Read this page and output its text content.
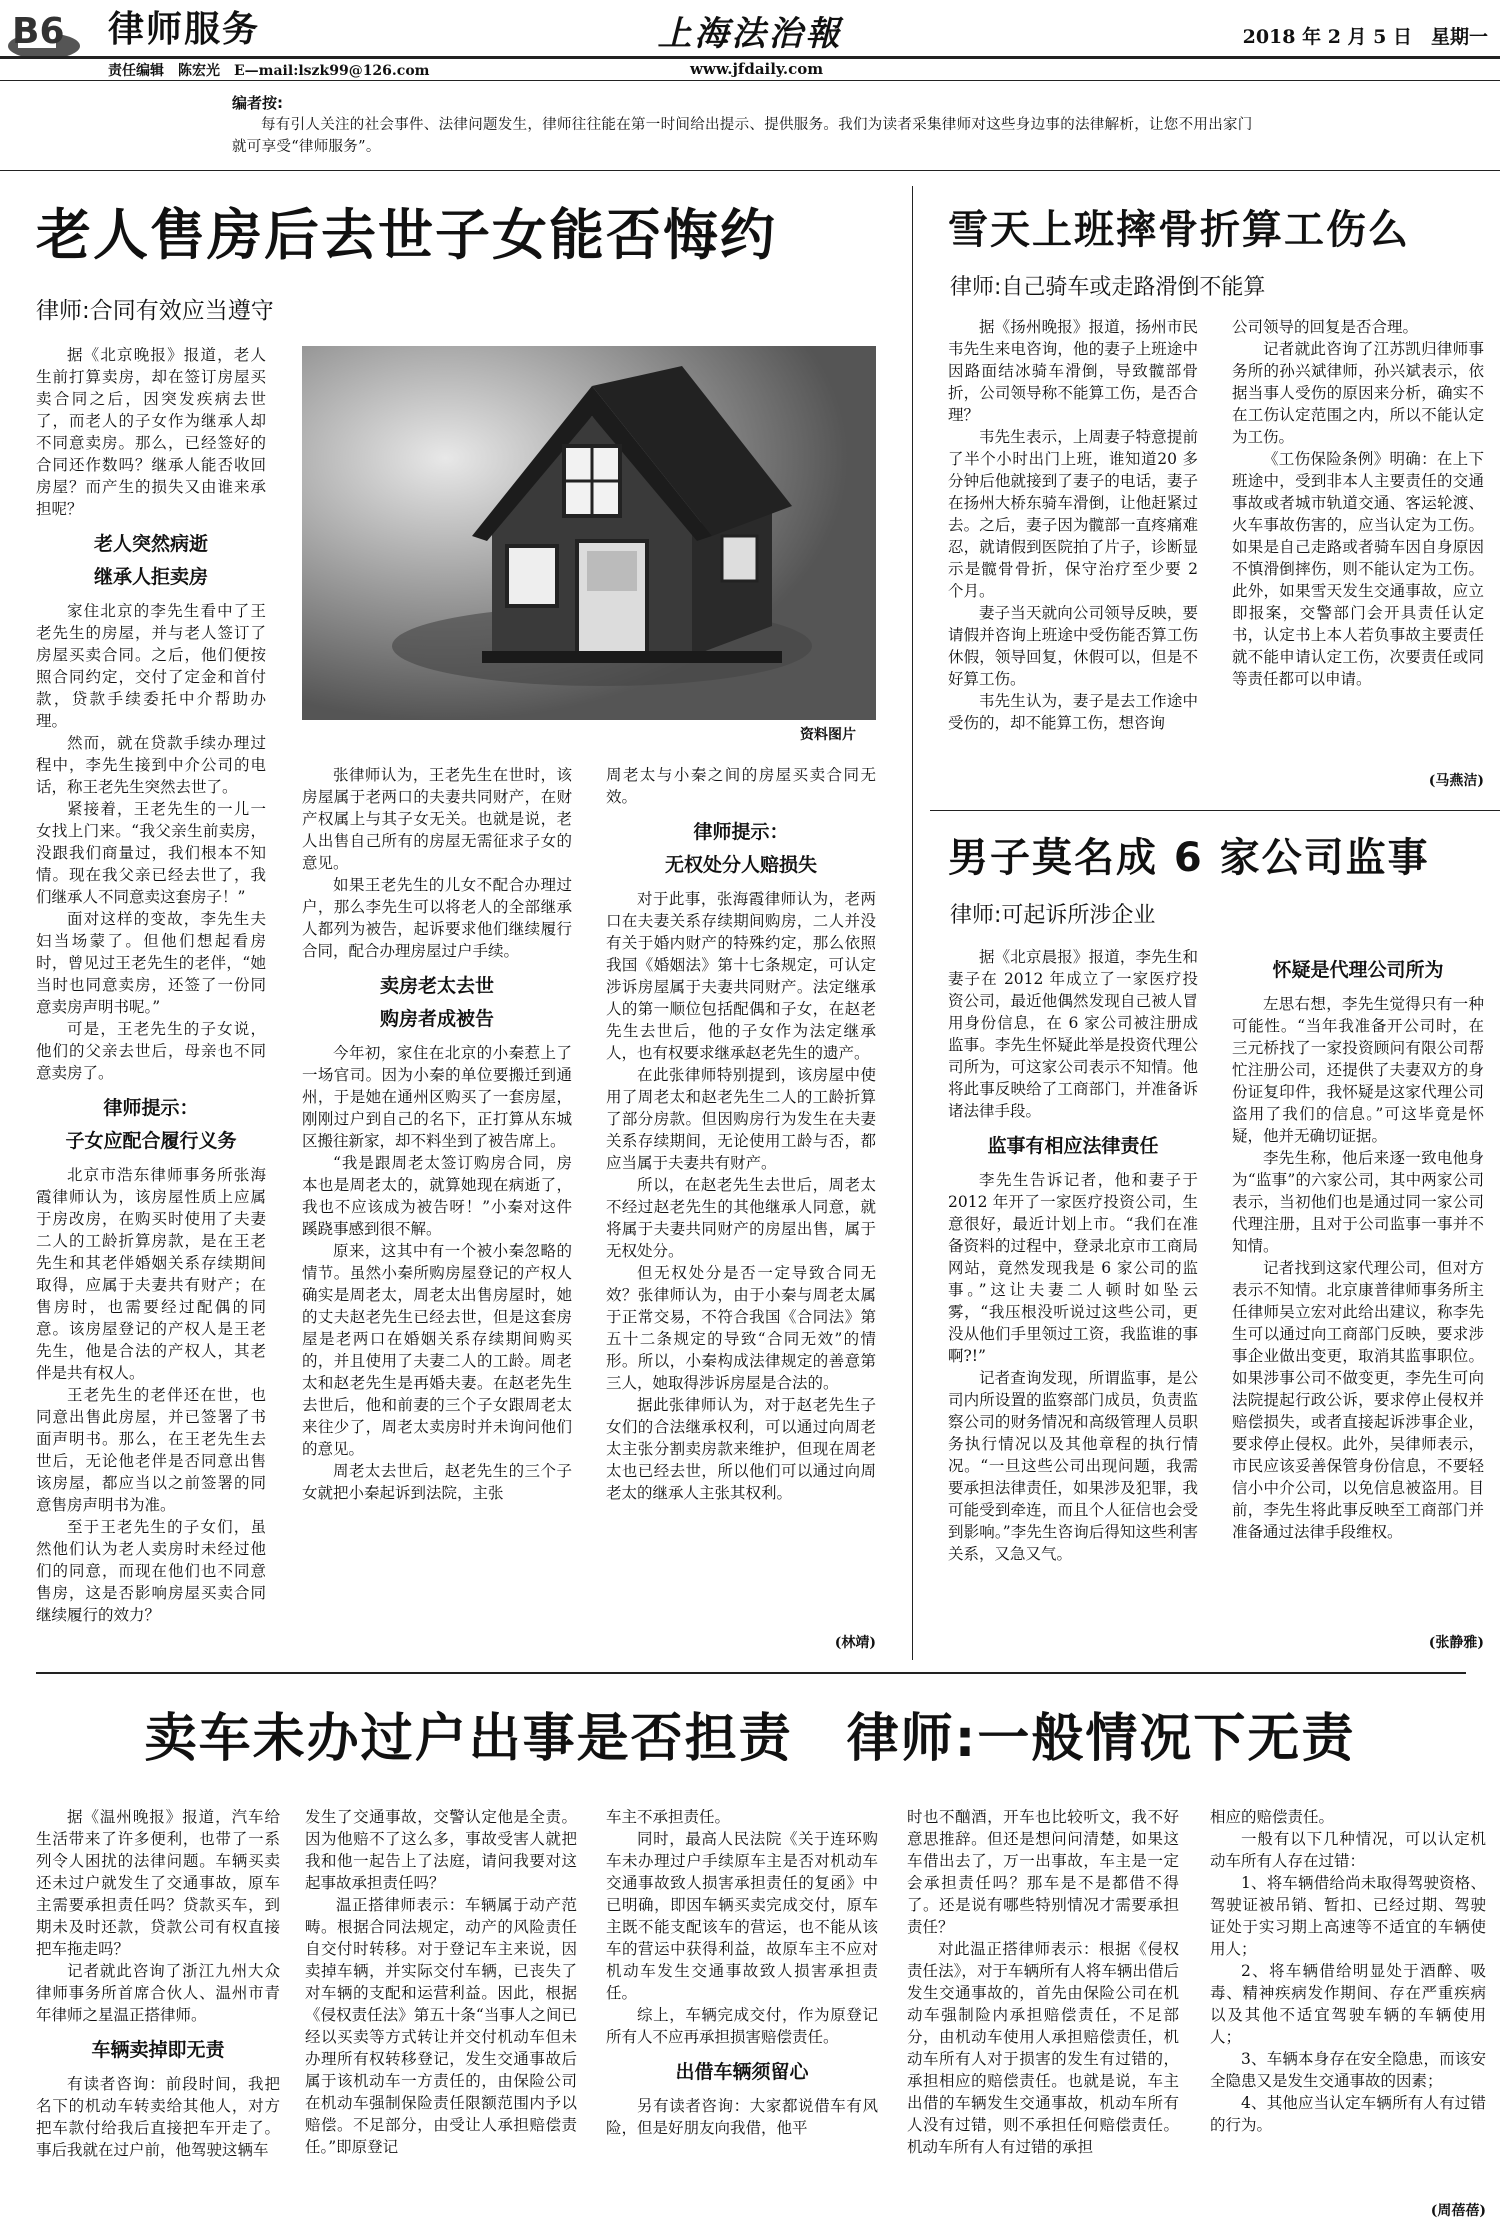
B6 律师服务	上海法治報	2018 年 2 月 5 日　星期一
责任编辑　陈宏光　E—mail:lszk99@126.com	www.jfdaily.com
编者按:
每有引人关注的社会事件、法律问题发生，律师往往能在第一时间给出提示、提供服务。我们为读者采集律师对这些身边事的法律解析，让您不用出家门就可享受“律师服务”。
老人售房后去世子女能否悔约
律师:合同有效应当遵守

据《北京晚报》报道，老人生前打算卖房，却在签订房屋买卖合同之后，因突发疾病去世了，而老人的子女作为继承人却不同意卖房。那么，已经签好的合同还作数吗？继承人能否收回房屋？而产生的损失又由谁来承担呢？

老人突然病逝
继承人拒卖房

家住北京的李先生看中了王老先生的房屋，并与老人签订了房屋买卖合同。之后，他们便按照合同约定，交付了定金和首付款，贷款手续委托中介帮助办理。

然而，就在贷款手续办理过程中，李先生接到中介公司的电话，称王老先生突然去世了。

紧接着，王老先生的一儿一女找上门来。“我父亲生前卖房，没跟我们商量过，我们根本不知情。现在我父亲已经去世了，我们继承人不同意卖这套房子！”

面对这样的变故，李先生夫妇当场蒙了。但他们想起看房时，曾见过王老先生的老伴，“她当时也同意卖房，还签了一份同意卖房声明书呢。”

可是，王老先生的子女说，他们的父亲去世后，母亲也不同意卖房了。

律师提示：
子女应配合履行义务

北京市浩东律师事务所张海霞律师认为，该房屋性质上应属于房改房，在购买时使用了夫妻二人的工龄折算房款，是在王老先生和其老伴婚姻关系存续期间取得，应属于夫妻共有财产；在售房时，也需要经过配偶的同意。该房屋登记的产权人是王老先生，他是合法的产权人，其老伴是共有权人。

王老先生的老伴还在世，也同意出售此房屋，并已签署了书面声明书。那么，在王老先生去世后，无论他老伴是否同意出售该房屋，都应当以之前签署的同意售房声明书为准。

至于王老先生的子女们，虽然他们认为老人卖房时未经过他们的同意，而现在他们也不同意售房，这是否影响房屋买卖合同继续履行的效力？

资料图片

张律师认为，王老先生在世时，该房屋属于老两口的夫妻共同财产，在财产权属上与其子女无关。也就是说，老人出售自己所有的房屋无需征求子女的意见。

如果王老先生的儿女不配合办理过户，那么李先生可以将老人的全部继承人都列为被告，起诉要求他们继续履行合同，配合办理房屋过户手续。

卖房老太去世
购房者成被告

今年初，家住在北京的小秦惹上了一场官司。因为小秦的单位要搬迁到通州，于是她在通州区购买了一套房屋，刚刚过户到自己的名下，正打算从东城区搬往新家，却不料坐到了被告席上。

“我是跟周老太签订购房合同，房本也是周老太的，就算她现在病逝了，我也不应该成为被告呀！”小秦对这件蹊跷事感到很不解。

原来，这其中有一个被小秦忽略的情节。虽然小秦所购房屋登记的产权人确实是周老太，周老太出售房屋时，她的丈夫赵老先生已经去世，但是这套房屋是老两口在婚姻关系存续期间购买的，并且使用了夫妻二人的工龄。周老太和赵老先生是再婚夫妻。在赵老先生去世后，他和前妻的三个子女跟周老太来往少了，周老太卖房时并未询问他们的意见。

周老太去世后，赵老先生的三个子女就把小秦起诉到法院，主张

周老太与小秦之间的房屋买卖合同无效。

律师提示：
无权处分人赔损失

对于此事，张海霞律师认为，老两口在夫妻关系存续期间购房，二人并没有关于婚内财产的特殊约定，那么依照我国《婚姻法》第十七条规定，可认定涉诉房屋属于夫妻共同财产。法定继承人的第一顺位包括配偶和子女，在赵老先生去世后，他的子女作为法定继承人，也有权要求继承赵老先生的遗产。

在此张律师特别提到，该房屋中使用了周老太和赵老先生二人的工龄折算了部分房款。但因购房行为发生在夫妻关系存续期间，无论使用工龄与否，都应当属于夫妻共有财产。

所以，在赵老先生去世后，周老太不经过赵老先生的其他继承人同意，就将属于夫妻共同财产的房屋出售，属于无权处分。

但无权处分是否一定导致合同无效？张律师认为，由于小秦与周老太属于正常交易，不符合我国《合同法》第五十二条规定的导致“合同无效”的情形。所以，小秦构成法律规定的善意第三人，她取得涉诉房屋是合法的。

据此张律师认为，对于赵老先生子女们的合法继承权利，可以通过向周老太主张分割卖房款来维护，但现在周老太也已经去世，所以他们可以通过向周老太的继承人主张其权利。

(林靖)
雪天上班摔骨折算工伤么
律师:自己骑车或走路滑倒不能算

据《扬州晚报》报道，扬州市民韦先生来电咨询，他的妻子上班途中因路面结冰骑车滑倒，导致髋部骨折，公司领导称不能算工伤，是否合理？

韦先生表示，上周妻子特意提前了半个小时出门上班，谁知道20 多分钟后他就接到了妻子的电话，妻子在扬州大桥东骑车滑倒，让他赶紧过去。之后，妻子因为髋部一直疼痛难忍，就请假到医院拍了片子，诊断显示是髋骨骨折，保守治疗至少要 2 个月。

妻子当天就向公司领导反映，要请假并咨询上班途中受伤能否算工伤休假，领导回复，休假可以，但是不好算工伤。

韦先生认为，妻子是去工作途中受伤的，却不能算工伤，想咨询

公司领导的回复是否合理。

记者就此咨询了江苏凯归律师事务所的孙兴斌律师，孙兴斌表示，依据当事人受伤的原因来分析，确实不在工伤认定范围之内，所以不能认定为工伤。

《工伤保险条例》明确：在上下班途中，受到非本人主要责任的交通事故或者城市轨道交通、客运轮渡、火车事故伤害的，应当认定为工伤。如果是自己走路或者骑车因自身原因不慎滑倒摔伤，则不能认定为工伤。此外，如果雪天发生交通事故，应立即报案，交警部门会开具责任认定书，认定书上本人若负事故主要责任就不能申请认定工伤，次要责任或同等责任都可以申请。

(马燕洁)
男子莫名成 6 家公司监事
律师:可起诉所涉企业

据《北京晨报》报道，李先生和妻子在 2012 年成立了一家医疗投资公司，最近他偶然发现自己被人冒用身份信息，在 6 家公司被注册成监事。李先生怀疑此举是投资代理公司所为，可这家公司表示不知情。他将此事反映给了工商部门，并准备诉诸法律手段。

监事有相应法律责任

李先生告诉记者，他和妻子于2012 年开了一家医疗投资公司，生意很好，最近计划上市。“我们在准备资料的过程中，登录北京市工商局网站，竟然发现我是 6 家公司的监事。”这让夫妻二人顿时如坠云雾，“我压根没听说过这些公司，更没从他们手里领过工资，我监谁的事啊?!”

记者查询发现，所谓监事，是公司内所设置的监察部门成员，负责监察公司的财务情况和高级管理人员职务执行情况以及其他章程的执行情况。“一旦这些公司出现问题，我需要承担法律责任，如果涉及犯罪，我可能受到牵连，而且个人征信也会受到影响。”李先生咨询后得知这些利害关系，又急又气。

怀疑是代理公司所为

左思右想，李先生觉得只有一种可能性。“当年我准备开公司时，在三元桥找了一家投资顾问有限公司帮忙注册公司，还提供了夫妻双方的身份证复印件，我怀疑是这家代理公司盗用了我们的信息。”可这毕竟是怀疑，他并无确切证据。

李先生称，他后来逐一致电他身为“监事”的六家公司，其中两家公司表示，当初他们也是通过同一家公司代理注册，且对于公司监事一事并不知情。

记者找到这家代理公司，但对方表示不知情。北京康普律师事务所主任律师吴立宏对此给出建议，称李先生可以通过向工商部门反映，要求涉事企业做出变更，取消其监事职位。如果涉事公司不做变更，李先生可向法院提起行政公诉，要求停止侵权并赔偿损失，或者直接起诉涉事企业，要求停止侵权。此外，吴律师表示，市民应该妥善保管身份信息，不要轻信小中介公司，以免信息被盗用。目前，李先生将此事反映至工商部门并准备通过法律手段维权。

(张静雅)
卖车未办过户出事是否担责　律师:一般情况下无责

据《温州晚报》报道，汽车给生活带来了许多便利，也带了一系列令人困扰的法律问题。车辆买卖还未过户就发生了交通事故，原车主需要承担责任吗？贷款买车，到期未及时还款，贷款公司有权直接把车拖走吗？

记者就此咨询了浙江九州大众律师事务所首席合伙人、温州市青年律师之星温正搭律师。

车辆卖掉即无责

有读者咨询：前段时间，我把名下的机动车转卖给其他人，对方把车款付给我后直接把车开走了。事后我就在过户前，他驾驶这辆车

发生了交通事故，交警认定他是全责。因为他赔不了这么多，事故受害人就把我和他一起告上了法庭，请问我要对这起事故承担责任吗？

温正搭律师表示：车辆属于动产范畴。根据合同法规定，动产的风险责任自交付时转移。对于登记车主来说，因卖掉车辆，并实际交付车辆，已丧失了对车辆的支配和运营利益。因此，根据《侵权责任法》第五十条“当事人之间已经以买卖等方式转让并交付机动车但未办理所有权转移登记，发生交通事故后属于该机动车一方责任的，由保险公司在机动车强制保险责任限额范围内予以赔偿。不足部分，由受让人承担赔偿责任。”即原登记

车主不承担责任。

同时，最高人民法院《关于连环购车未办理过户手续原车主是否对机动车交通事故致人损害承担责任的复函》中已明确，即因车辆买卖完成交付，原车主既不能支配该车的营运，也不能从该车的营运中获得利益，故原车主不应对机动车发生交通事故致人损害承担责任。

综上，车辆完成交付，作为原登记所有人不应再承担损害赔偿责任。

出借车辆须留心

另有读者咨询：大家都说借车有风险，但是好朋友向我借，他平

时也不酗酒，开车也比较听文，我不好意思推辞。但还是想问问清楚，如果这车借出去了，万一出事故，车主是一定会承担责任吗？那车是不是都借不得了。还是说有哪些特别情况才需要承担责任？

对此温正搭律师表示：根据《侵权责任法》，对于车辆所有人将车辆出借后发生交通事故的，首先由保险公司在机动车强制险内承担赔偿责任，不足部分，由机动车使用人承担赔偿责任，机动车所有人对于损害的发生有过错的，承担相应的赔偿责任。也就是说，车主出借的车辆发生交通事故，机动车所有人没有过错，则不承担任何赔偿责任。机动车所有人有过错的承担

相应的赔偿责任。

一般有以下几种情况，可以认定机动车所有人存在过错：

1、将车辆借给尚未取得驾驶资格、驾驶证被吊销、暂扣、已经过期、驾驶证处于实习期上高速等不适宜的车辆使用人；

2、将车辆借给明显处于酒醉、吸毒、精神疾病发作期间、存在严重疾病以及其他不适宜驾驶车辆的车辆使用人；

3、车辆本身存在安全隐患，而该安全隐患又是发生交通事故的因素；

4、其他应当认定车辆所有人有过错的行为。

(周蓓蓓)
